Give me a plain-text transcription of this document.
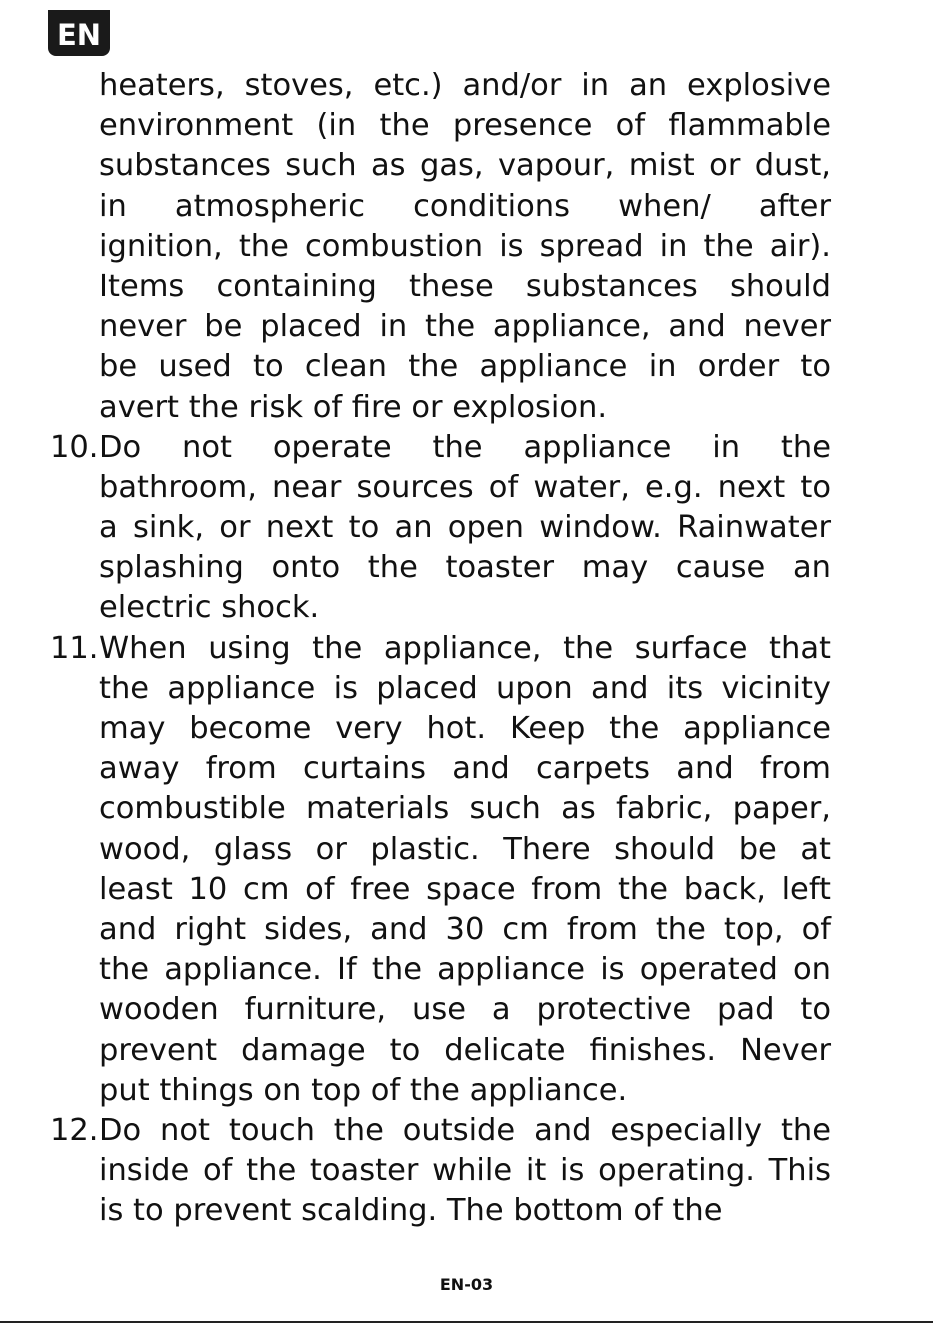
EN
heaters, stoves, etc.) and/or in an explosive
environment (in the presence of flammable
substances such as gas, vapour, mist or dust,
in atmospheric conditions when/ after
ignition, the combustion is spread in the air).
Items containing these substances should
never be placed in the appliance, and never
be used to clean the appliance in order to
avert the risk of fire or explosion.
10. Do not operate the appliance in the
bathroom, near sources of water, e.g. next to
a sink, or next to an open window. Rainwater
splashing onto the toaster may cause an
electric shock.
11. When using the appliance, the surface that
the appliance is placed upon and its vicinity
may become very hot. Keep the appliance
away from curtains and carpets and from
combustible materials such as fabric, paper,
wood, glass or plastic. There should be at
least 10 cm of free space from the back, left
and right sides, and 30 cm from the top, of
the appliance. If the appliance is operated on
wooden furniture, use a protective pad to
prevent damage to delicate finishes. Never
put things on top of the appliance.
12. Do not touch the outside and especially the
inside of the toaster while it is operating. This
is to prevent scalding. The bottom of the
EN-03
